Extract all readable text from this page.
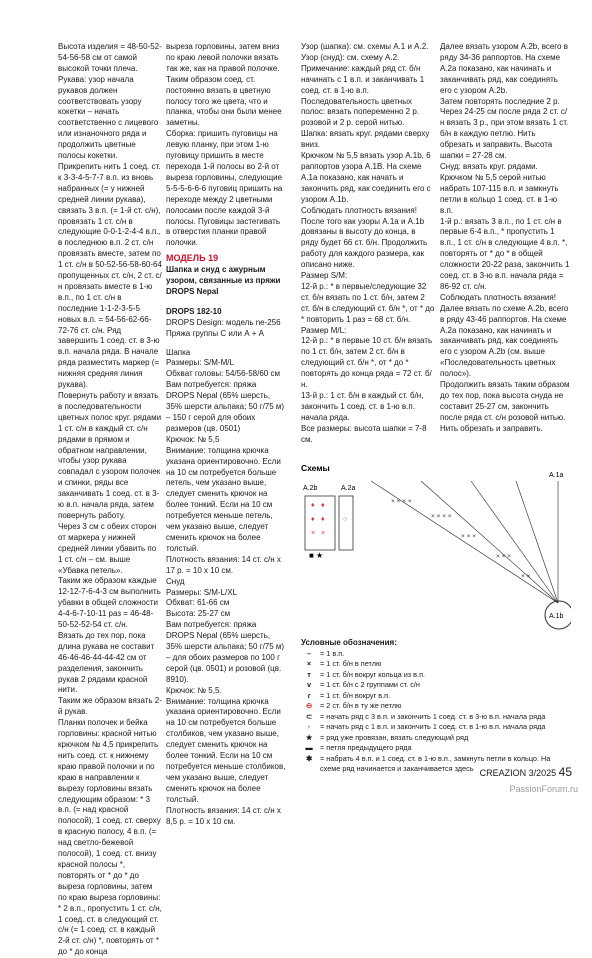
Высота изделия = 48-50-52-54-56-58 см от самой высокой точки плеча.

Рукава: узор начала рукавов должен соответствовать узору кокетки – начать соответственно с лицевого или изнаночного ряда и продолжить цветные полосы кокетки. Прикрепить нить 1 соед. ст. к 3-3-4-5-7-7 в.п. из вновь набранных (= у нижней средней линии рукава), связать 3 в.п. (= 1-й ст. с/н), провязать 1 ст. с/н в следующие 0-0-1-2-4-4 в.п., в последнюю в.п. 2 ст. с/н провязать вместе, затем по 1 ст. с/н в 50-52-56-58-60-64 пропущенных ст. с/н, 2 ст. с/н провязать вместе в 1-ю в.п., по 1 ст. с/н в последние 1-1-2-3-5-5 новых в.п. = 54-56-62-66-72-76 ст. с/н. Ряд завершить 1 соед. ст. в 3-ю в.п. начала ряда. В начале ряда разместить маркер (= нижняя средняя линия рукава).

Повернуть работу и вязать в последовательности цветных полос круг. рядами 1 ст. с/н в каждый ст. с/н рядами в прямом и обратном направлении, чтобы узор рукава совпадал с узором полочек и спинки, ряды все заканчивать 1 соед. ст. в 3-ю в.п. начала ряда, затем повернуть работу.

Через 3 см с обеих сторон от маркера у нижней средней линии убавить по 1 ст. с/н – см. выше «Убавка петель».

Таким же образом каждые 12-12-7-6-4-3 см выполнить убавки в общей сложности 4-4-6-7-10-11 раз = 46-48-50-52-52-54 ст. с/н.

Вязать до тех пор, пока длина рукава не составит 46-46-46-44-44-42 см от разделения, закончить рукав 2 рядами красной нити.

Таким же образом вязать 2-й рукав.

Планки полочек и бейка горловины: красной нитью крючком № 4,5 прикрепить нить соед. ст. к нижнему краю правой полочки и по краю в направлении к вырезу горловины вязать следующим образом: * 3 в.п. (= над красной полосой), 1 соед. ст. сверху в красную полосу, 4 в.п. (= над светло-бежевой полосой), 1 соед. ст. внизу красной полосы *, повторять от * до * до выреза горловины, затем по краю выреза горловины: * 2 в.п., пропустить 1 ст. с/н, 1 соед. ст. в следующий ст. с/н (= 1 соед. ст. в каждый 2-й ст. с/н) *, повторять от * до * до конца

выреза горловины, затем вниз по краю левой полочки вязать так же, как на правой полочке. Таким образом соед. ст. постоянно вязать в цветную полосу того же цвета, что и планка, чтобы они были менее заметны.

Сборка: пришить пуговицы на левую планку, при этом 1-ю пуговицу пришить в месте перехода 1-й полосы во 2-й от выреза горловины, следующие 5-5-5-6-6-6 пуговиц пришить на переходе между 2 цветными полосами после каждой 3-й полосы. Пуговицы застегивать в отверстия планки правой полочки.

МОДЕЛЬ 19
Шапка и снуд с ажурным узором, связанные из пряжи DROPS Nepal
DROPS 182-10
DROPS Design: модель ne-256
Пряжа группы С или А + А

Шапка

Размеры: S/M-M/L

Обхват головы: 54/56-58/60 см

Вам потребуется: пряжа DROPS Nepal (65% шерсть, 35% шерсти альпака; 50 г/75 м) – 150 г серой для обоих размеров (цв. 0501)

Крючок: № 5,5

Внимание: толщина крючка указана ориентировочно. Если на 10 см потребуется больше петель, чем указано выше, следует сменить крючок на более тонкий. Если на 10 см потребуется меньше петель, чем указано выше, следует сменить крючок на более толстый.

Плотность вязания: 14 ст. с/н х 17 р. = 10 х 10 см.

Снуд

Размеры: S/M-L/XL

Обхват: 61-66 см

Высота: 25-27 см

Вам потребуется: пряжа DROPS Nepal (65% шерсть, 35% шерсти альпака; 50 г/75 м) – для обоих размеров по 100 г серой (цв. 0501) и розовой (цв. 8910).

Крючок: № 5,5.

Внимание: толщина крючка указана ориентировочно. Если на 10 см потребуется больше столбиков, чем указано выше, следует сменить крючок на более тонкий. Если на 10 см потребуется меньше столбиков, чем указано выше, следует сменить крючок на более толстый.

Плотность вязания: 14 ст. с/н х 8,5 р. = 10 х 10 см.

Узор (шапка): см. схемы А.1 и А.2.

Узор (снуд): см. схему А.2.

Примечание: каждый ряд ст. б/н начинать с 1 в.п. и заканчивать 1 соед. ст. в 1-ю в.п.

Последовательность цветных полос: вязать попеременно 2 р. розовой и 2 р. серой нитью.

Шапка: вязать круг. рядами сверху вниз.

Крючком № 5,5 вязать узор А.1b, 6 раппортов узора А.1В. На схеме А.1а показано, как начать и закончить ряд, как соединить его с узором А.1b.

Соблюдать плотность вязания!

После того как узоры А.1а и А.1b довязаны в высоту до конца, в ряду будет 66 ст. б/н. Продолжить работу для каждого размера, как описано ниже.

Размер S/M:

12-й р.: * в первые/следующие 32 ст. б/н вязать по 1 ст. б/н, затем 2 ст. б/н в следующий ст. б/н *, от * до * повторить 1 раз = 68 ст. б/н.

Размер M/L:

12-й р.: * в первые 10 ст. б/н вязать по 1 ст. б/н, затем 2 ст. б/н в следующий ст. б/н *, от * до * повторять до конца ряда = 72 ст. б/н.

13-й р.: 1 ст. б/н в каждый ст. б/н, закончить 1 соед. ст. в 1-ю в.п. начала ряда.

Все размеры: высота шапки = 7-8 см.

Далее вязать узором А.2b, всего в ряду 34-36 раппортов. На схеме А.2а показано, как начинать и заканчивать ряд, как соединять его с узором А.2b.

Затем повторять последние 2 р.

Через 24-25 см после ряда 2 ст. с/н вязать 3 р., при этом вязать 1 ст. б/н в каждую петлю. Нить обрезать и заправить. Высота шапки = 27-28 см.

Снуд: вязать круг. рядами. Крючком № 5,5 серой нитью набрать 107-115 в.п. и замкнуть петли в кольцо 1 соед. ст. в 1-ю в.п.

1-й р.: вязать 3 в.п., по 1 ст. с/н в первые 6-4 в.п., * пропустить 1 в.п., 1 ст. с/н в следующие 4 в.п. *, повторять от * до * в общей сложности 20-22 раза, закончить 1 соед. ст. в 3-ю в.п. начала ряда = 86-92 ст. с/н.

Соблюдать плотность вязания!

Далее вязать по схеме А.2b, всего в ряду 43-46 раппортов. На схеме А.2а показано, как начинать и заканчивать ряд, как соединять его с узором А.2b (см. выше «Последовательность цветных полос»).

Продолжить вязать таким образом до тех пор, пока высота снуда не составит 25-27 см, закончить после ряда ст. с/н розовой нитью. Нить обрезать и заправить.

Схемы
A.2b	A.2a
A.1a
♦ ♦
♦ ♦
× ×
○
■ ★
× × × ×
× × × ×
× × ×
× × ×
× ×
A.1b
Условные обозначения:
–	= 1 в.п.
×	= 1 ст. б/н в петлю
т	= 1 ст. б/н вокруг кольца из в.п.
v	= 1 ст. б/н с 2 группами ст. с/н
ɾ	= 1 ст. б/н вокруг в.п.
⊖	= 2 ст. б/н в ту же петлю
⊂	= начать ряд с 3 в.п. и закончить 1 соед. ст. в 3-ю в.п. начала ряда
◦	= начать ряд с 1 в.п. и закончить 1 соед. ст. в 1-ю в.п. начала ряда
★	= ряд уже провязан, вязать следующий ряд
▬	= петля предыдущего ряда
✱	= набрать 4 в.п. и 1 соед. ст. в 1-ю в.п., замкнуть петли в кольцо. На схеме ряд начинается и заканчивается здесь CREAZION 3/2025 45
PassionForum.ru
